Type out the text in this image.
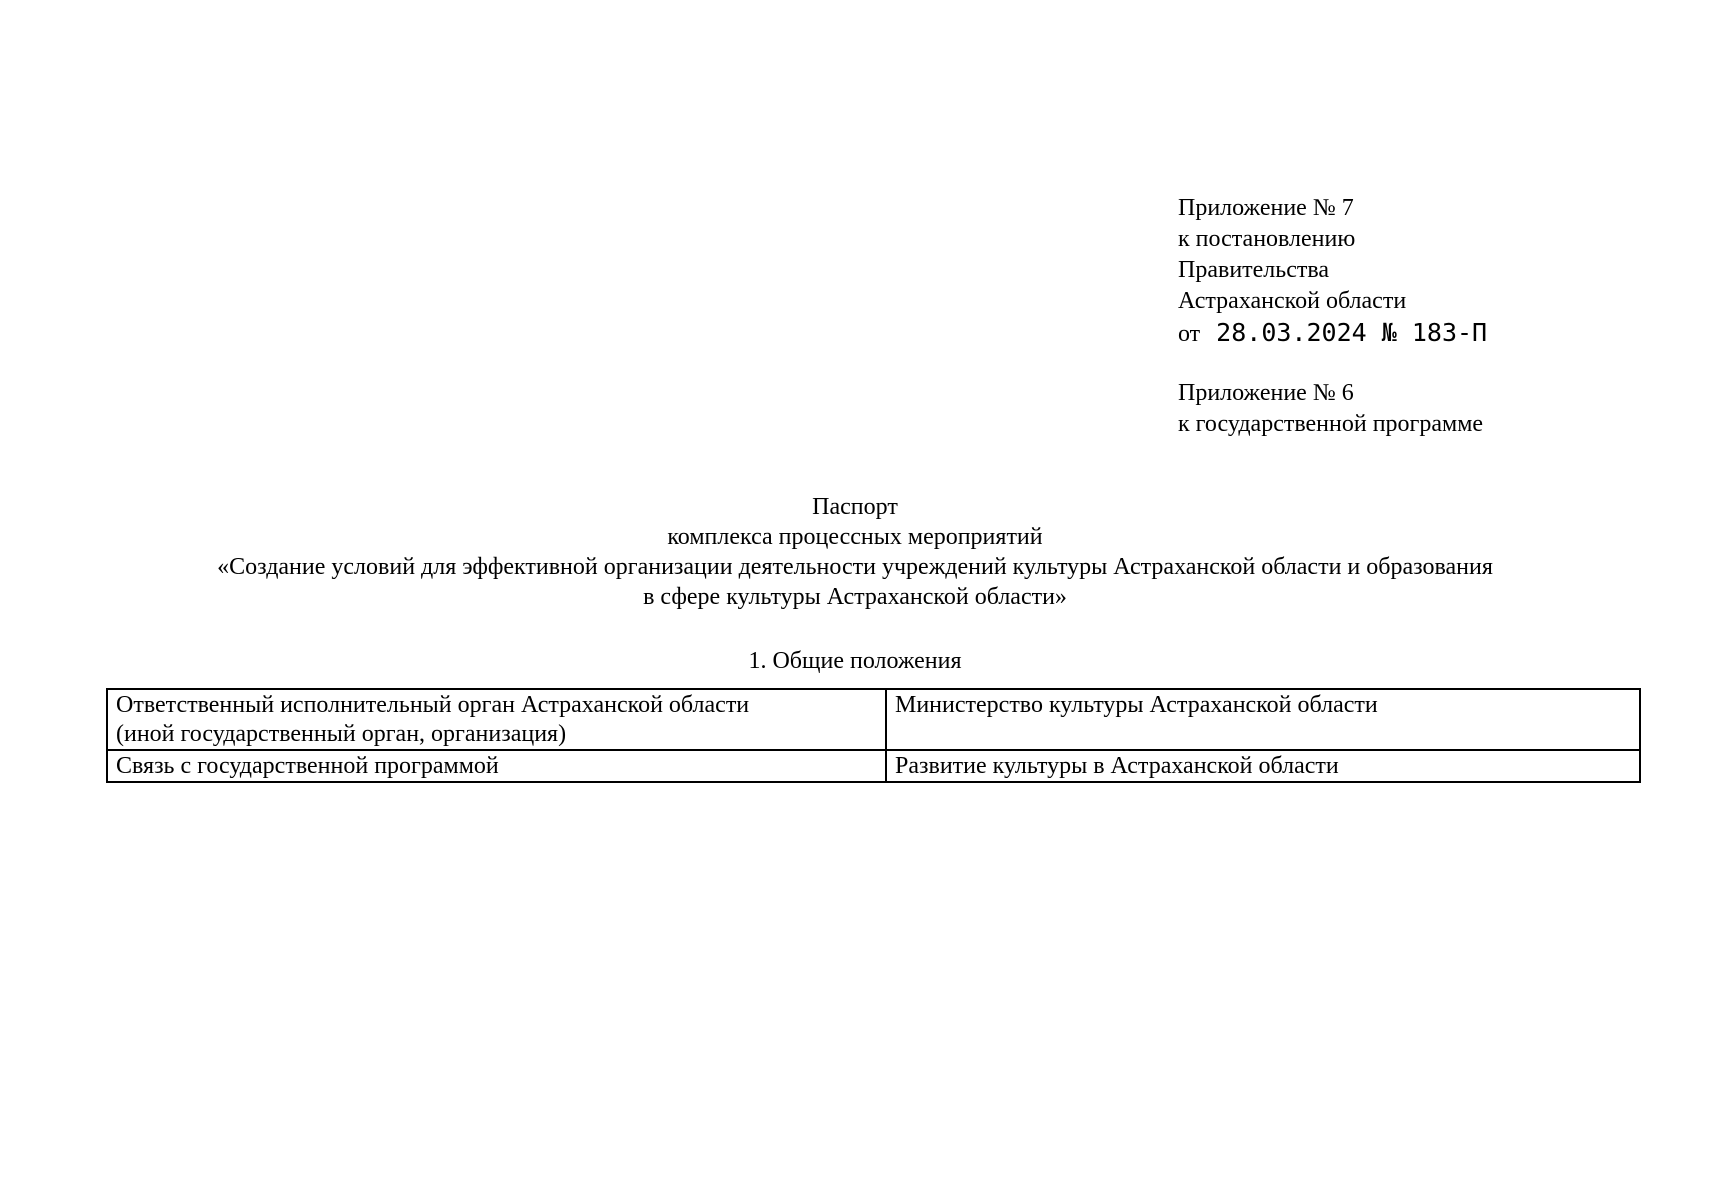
Приложение № 7
к постановлению
Правительства
Астраханской области
от 28.03.2024 № 183-П
Приложение № 6
к государственной программе
Паспорт
комплекса процессных мероприятий
«Создание условий для эффективной организации деятельности учреждений культуры Астраханской области и образования
в сфере культуры Астраханской области»
1. Общие положения
Ответственный исполнительный орган Астраханской области
(иной государственный орган, организация)	Министерство культуры Астраханской области

Связь с государственной программой	Развитие культуры в Астраханской области
